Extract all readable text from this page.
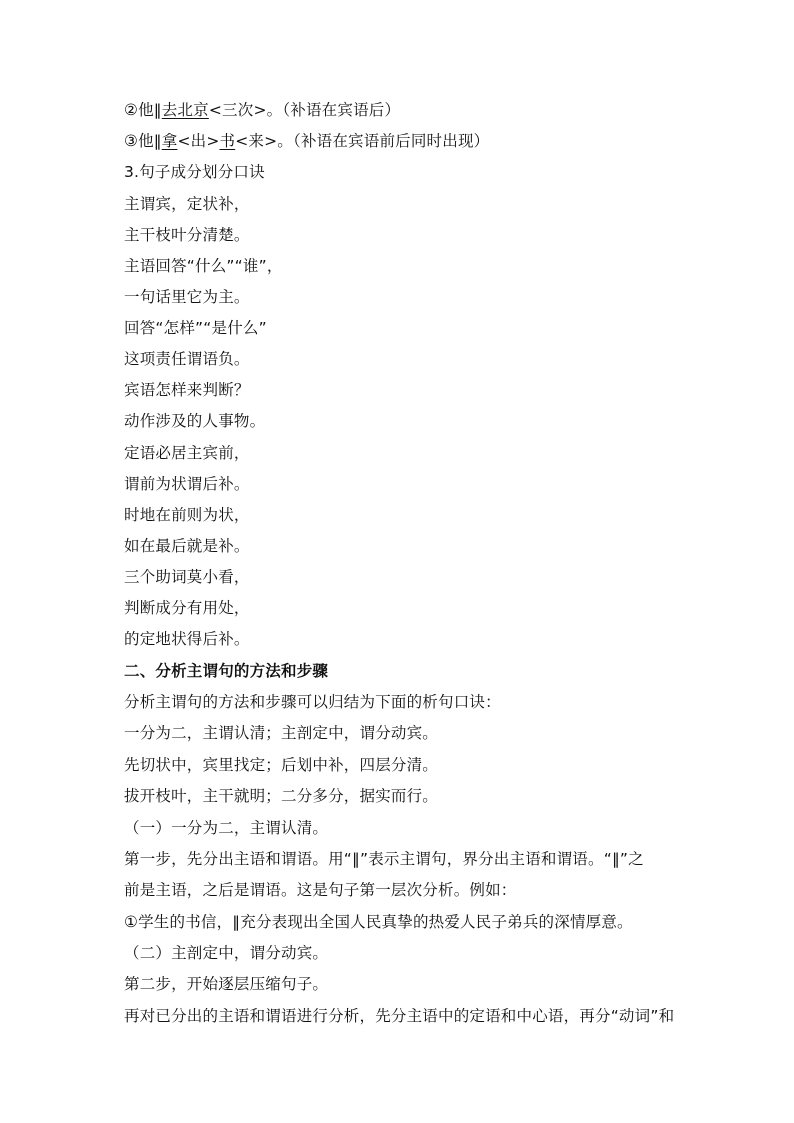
②他‖去北京<三次>。（补语在宾语后）
③他‖拿<出>书<来>。（补语在宾语前后同时出现）
3.句子成分划分口诀
主谓宾，定状补，
主干枝叶分清楚。
主语回答“什么”“谁”，
一句话里它为主。
回答“怎样”“是什么”
这项责任谓语负。
宾语怎样来判断？
动作涉及的人事物。
定语必居主宾前，
谓前为状谓后补。
时地在前则为状，
如在最后就是补。
三个助词莫小看，
判断成分有用处，
的定地状得后补。
二、分析主谓句的方法和步骤
分析主谓句的方法和步骤可以归结为下面的析句口诀：
一分为二，主谓认清；主剖定中，谓分动宾。
先切状中，宾里找定；后划中补，四层分清。
拔开枝叶，主干就明；二分多分，据实而行。
（一）一分为二，主谓认清。
第一步，先分出主语和谓语。用“‖”表示主谓句，界分出主语和谓语。“‖”之
前是主语，之后是谓语。这是句子第一层次分析。例如：
①学生的书信，‖充分表现出全国人民真挚的热爱人民子弟兵的深情厚意。
（二）主剖定中，谓分动宾。
第二步，开始逐层压缩句子。
再对已分出的主语和谓语进行分析，先分主语中的定语和中心语，再分“动词”和
